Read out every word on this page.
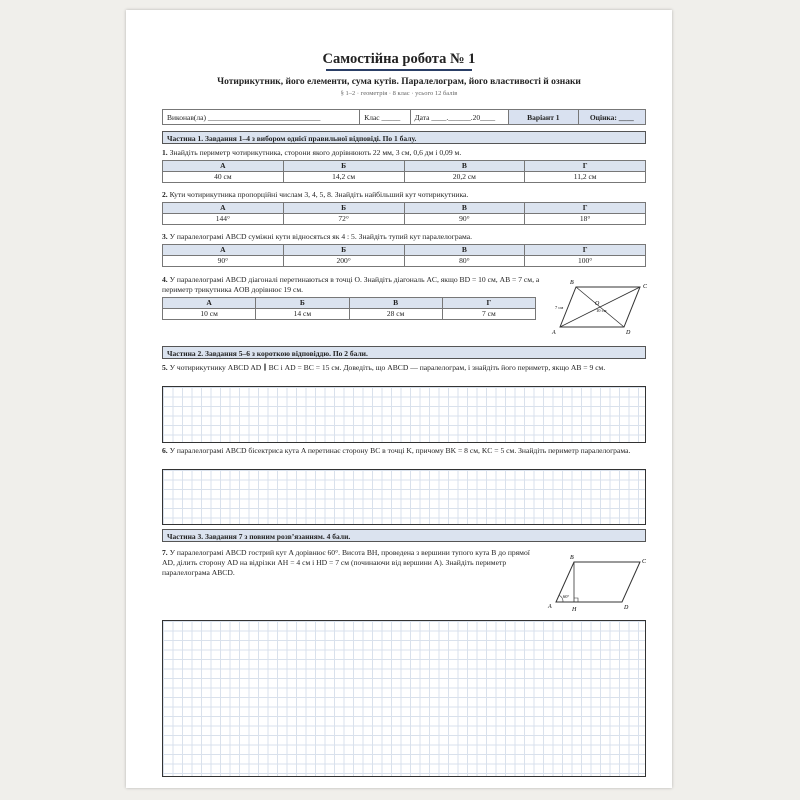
Самостійна робота № 1
Чотирикутник, його елементи, сума кутів. Паралелограм, його властивості й ознаки
§ 1–2 · геометрія · 8 клас · усього 12 балів
Виконав(ла) ______________________________	Клас _____	Дата ____.______.20____	Варіант 1	Оцінка: ____
Частина 1. Завдання 1–4 з вибором однієї правильної відповіді. По 1 балу.
1. Знайдіть периметр чотирикутника, сторони якого дорівнюють 22 мм, 3 см, 0,6 дм і 0,09 м.
А	Б	В	Г
40 см	14,2 см	20,2 см	11,2 см
2. Кути чотирикутника пропорційні числам 3, 4, 5, 8. Знайдіть найбільший кут чотирикутника.
А	Б	В	Г
144°	72°	90°	18°
3. У паралелограмі ABCD суміжні кути відносяться як 4 : 5. Знайдіть тупий кут паралелограма.
А	Б	В	Г
90°	200°	80°	100°
4. У паралелограмі ABCD діагоналі перетинаються в точці O. Знайдіть діагональ AC, якщо BD = 10 см, AB = 7 см, а периметр трикутника AOB дорівнює 19 см.
А	Б	В	Г
10 см	14 см	28 см	7 см
B
C
A	D
O
7 см
10 см
Частина 2. Завдання 5–6 з короткою відповіддю. По 2 бали.
5. У чотирикутнику ABCD AD ∥ BC і AD = BC = 15 см. Доведіть, що ABCD — паралелограм, і знайдіть його периметр, якщо AB = 9 см.
6. У паралелограмі ABCD бісектриса кута A перетинає сторону BC в точці K, причому BK = 8 см, KC = 5 см. Знайдіть периметр паралелограма.
Частина 3. Завдання 7 з повним розв’язанням. 4 бали.
7. У паралелограмі ABCD гострий кут A дорівнює 60°. Висота BH, проведена з вершини тупого кута B до прямої AD, ділить сторону AD на відрізки AH = 4 см і HD = 7 см (починаючи від вершини A). Знайдіть периметр паралелограма ABCD.
B
C
A	H	D
60°
